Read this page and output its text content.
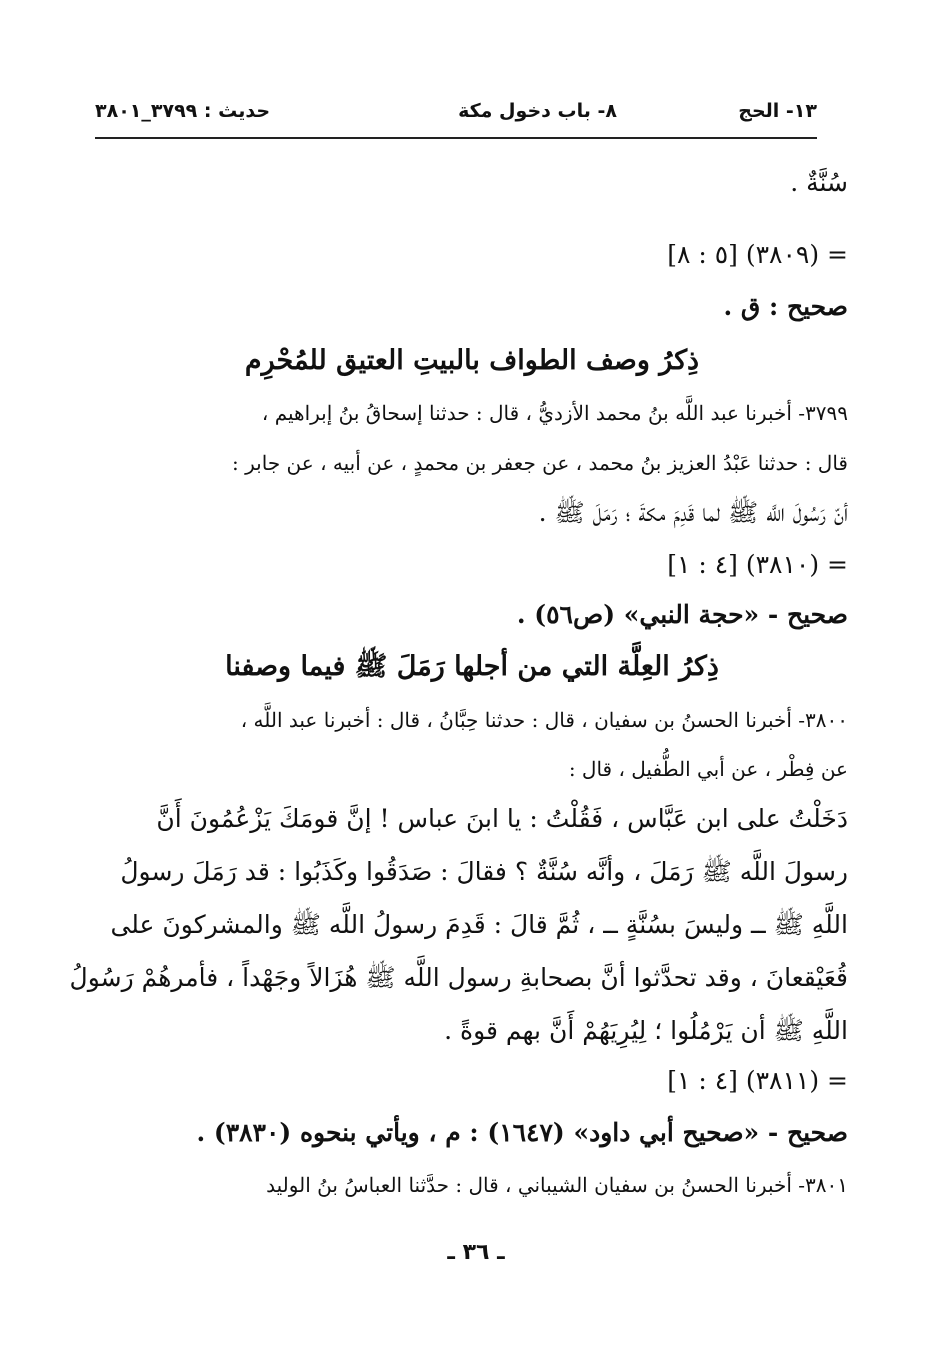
١٣- الحج
٨- باب دخول مكة
حديث : ٣٧٩٩_٣٨٠١

سُنَّةٌ .

= (٣٨٠٩) [٥ : ٨]

صحيح : ق .

ذِكرُ وصف الطواف بالبيتِ العتيق للمُحْرِم

٣٧٩٩- أخبرنا عبد اللَّه بنُ محمد الأزديُّ ، قال : حدثنا إسحاقُ بنُ إبراهيم ،

قال : حدثنا عَبْدُ العزيز بنُ محمد ، عن جعفر بن محمدٍ ، عن أبيه ، عن جابر :

أنّ رَسُولَ اللَّه ﷺ لما قَدِمَ مكةَ ؛ رَمَلَ ﷺ .

= (٣٨١٠) [٤ : ١]

صحيح - «حجة النبي» (ص٥٦) .

ذِكرُ العِلَّة التي من أجلها رَمَلَ ﷺ فيما وصفنا

٣٨٠٠- أخبرنا الحسنُ بن سفيان ، قال : حدثنا حِبَّانُ ، قال : أخبرنا عبد اللَّه ،

عن فِطْر ، عن أبي الطُّفيل ، قال :

دَخَلْتُ على ابن عَبَّاس ، فَقُلْتُ : يا ابنَ عباس ! إنَّ قومَكَ يَزْعُمُونَ أَنَّ

رسولَ اللَّه ﷺ رَمَلَ ، وأنَّه سُنَّةٌ ؟ فقالَ : صَدَقُوا وكَذَبُوا : قد رَمَلَ رسولُ

اللَّهِ ﷺ ــ وليسَ بسُنَّةٍ ــ ، ثُمَّ قالَ : قَدِمَ رسولُ اللَّه ﷺ والمشركونَ على

قُعَيْقعانَ ، وقد تحدَّثوا أنَّ بصحابةِ رسول اللَّه ﷺ هُزَالاً وجَهْداً ، فأمرهُمْ رَسُولُ

اللَّهِ ﷺ أن يَرْمُلُوا ؛ لِيُرِيَهُمْ أَنَّ بهم قوةً .

= (٣٨١١) [٤ : ١]

صحيح - «صحيح أبي داود» (١٦٤٧) : م ، ويأتي بنحوه (٣٨٣٠) .

٣٨٠١- أخبرنا الحسنُ بن سفيان الشيباني ، قال : حدَّثنا العباسُ بنُ الوليد

ـ ٣٦ ـ
